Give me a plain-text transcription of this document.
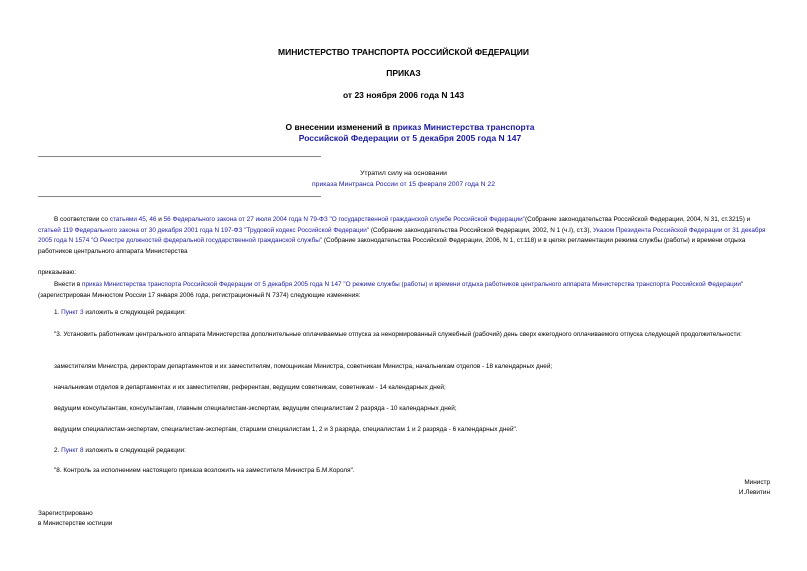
МИНИСТЕРСТВО ТРАНСПОРТА РОССИЙСКОЙ ФЕДЕРАЦИИ
ПРИКАЗ
от 23 ноября 2006 года N 143
О внесении изменений в приказ Министерства транспорта Российской Федерации от 5 декабря 2005 года N 147
Утратил силу на основании
приказа Минтранса России от 15 февраля 2007 года N 22
В соответствии со статьями 45, 46 и 56 Федерального закона от 27 июля 2004 года N 79-ФЗ "О государственной гражданской службе Российской Федерации"(Собрание законодательства Российской Федерации, 2004, N 31, ст.3215) и статьей 119 Федерального закона от 30 декабря 2001 года N 197-ФЗ "Трудовой кодекс Российской Федерации" (Собрание законодательства Российской Федерации, 2002, N 1 (ч.I), ст.3), Указом Президента Российской Федерации от 31 декабря 2005 года N 1574 "О Реестре должностей федеральной государственной гражданской службы" (Собрание законодательства Российской Федерации, 2006, N 1, ст.118) и в целях регламентации режима службы (работы) и времени отдыха работников центрального аппарата Министерства
приказываю:
Внести в приказ Министерства транспорта Российской Федерации от 5 декабря 2005 года N 147 "О режиме службы (работы) и времени отдыха работников центрального аппарата Министерства транспорта Российской Федерации" (зарегистрирован Минюстом России 17 января 2006 года, регистрационный N 7374) следующие изменения:
1. Пункт 3 изложить в следующей редакции:
"3. Установить работникам центрального аппарата Министерства дополнительные оплачиваемые отпуска за ненормированный служебный (рабочий) день сверх ежегодного оплачиваемого отпуска следующей продолжительности:
заместителям Министра, директорам департаментов и их заместителям, помощникам Министра, советникам Министра, начальникам отделов - 18 календарных дней;
начальникам отделов в департаментах и их заместителям, референтам, ведущим советникам, советникам - 14 календарных дней;
ведущим консультантам, консультантам, главным специалистам-экспертам, ведущим специалистам 2 разряда - 10 календарных дней;
ведущим специалистам-экспертам, специалистам-экспертам, старшим специалистам 1, 2 и 3 разряда, специалистам 1 и 2 разряда - 6 календарных дней".
2. Пункт 8 изложить в следующей редакции:
"8. Контроль за исполнением настоящего приказа возложить на заместителя Министра Б.М.Короля".
Министр
И.Левитин
Зарегистрировано
в Министерстве юстиции
